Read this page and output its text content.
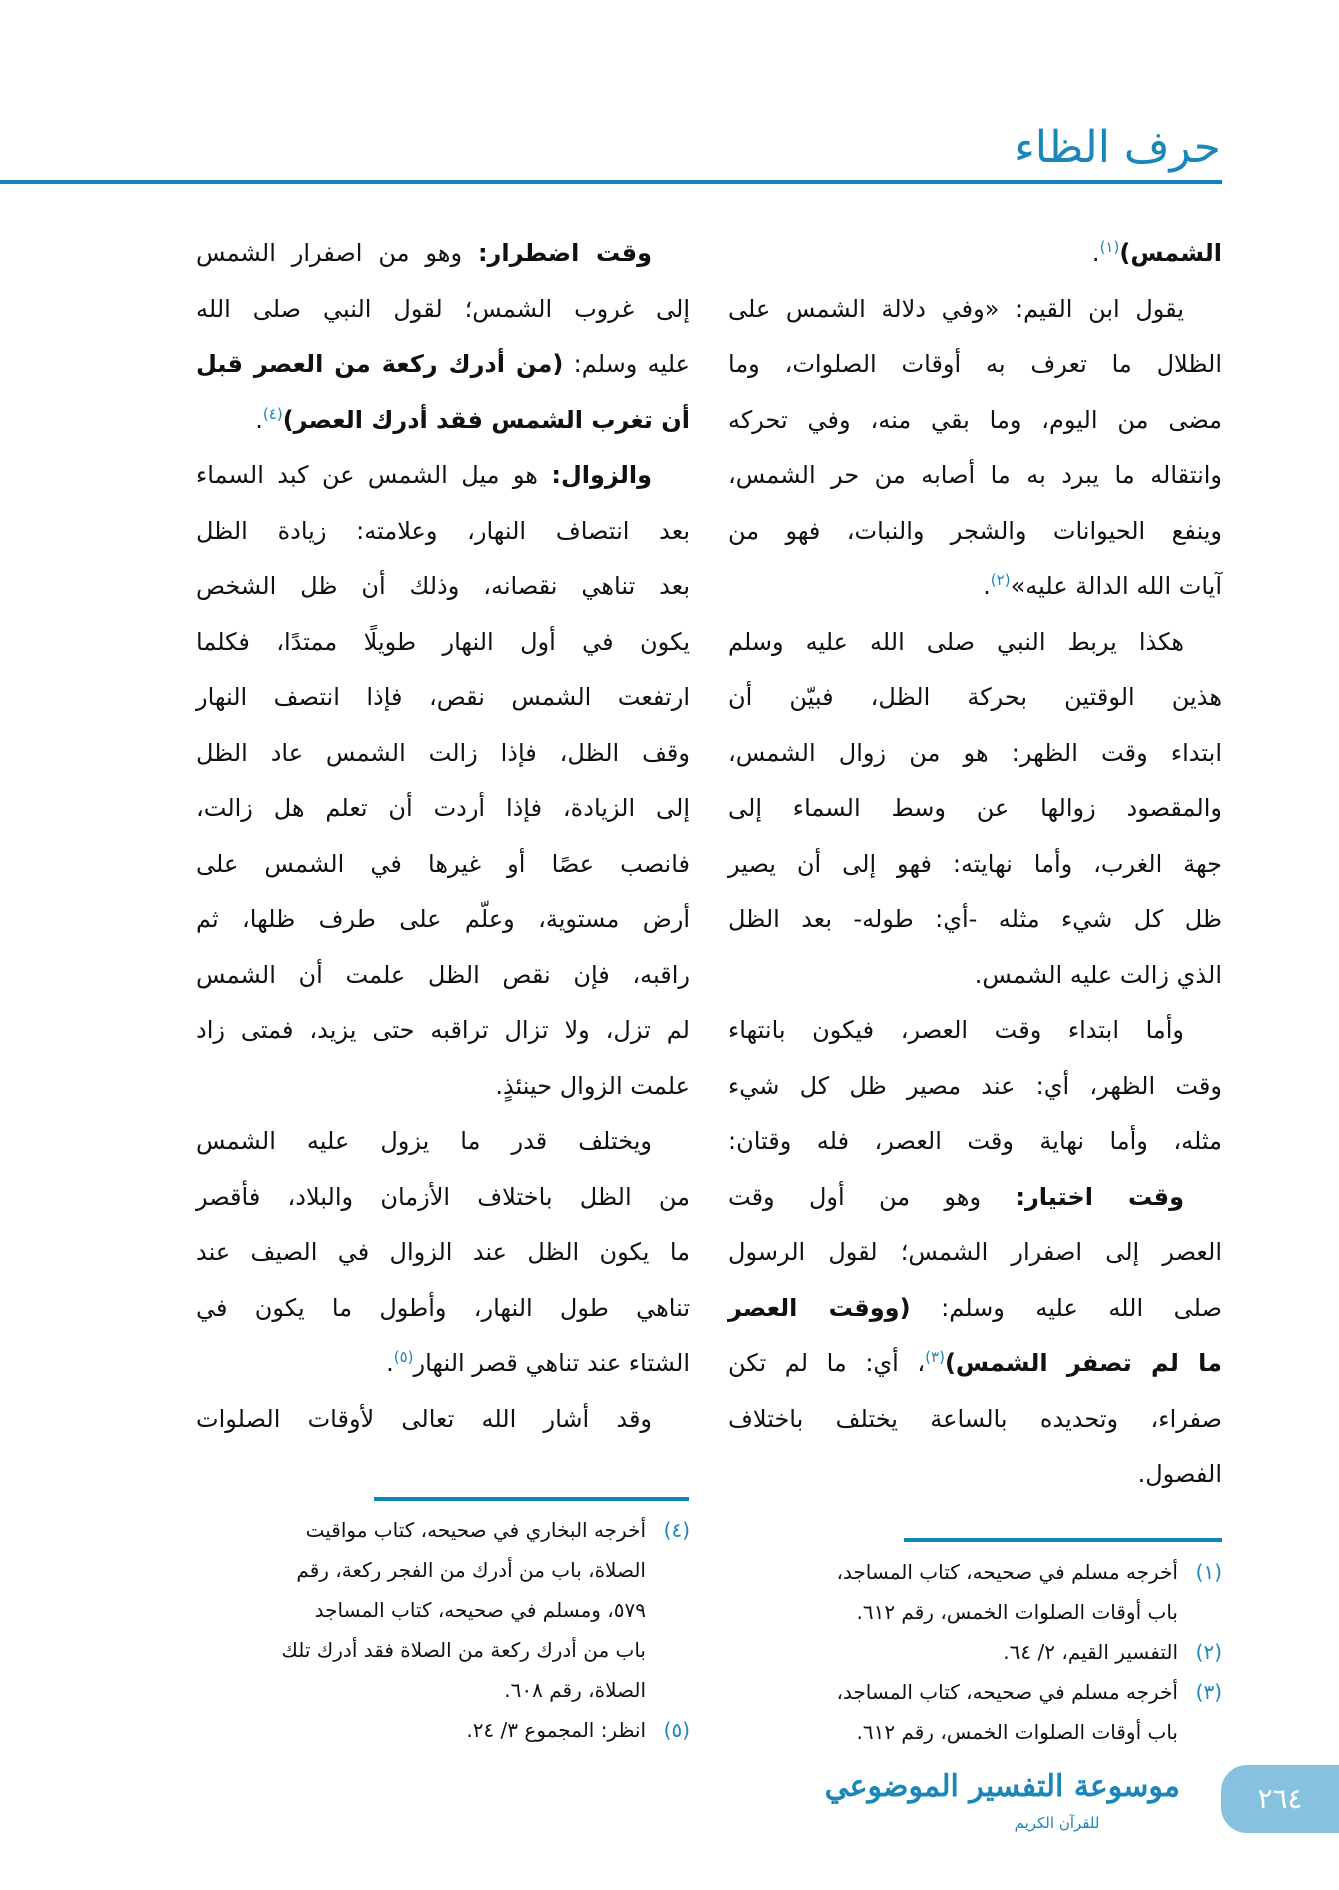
حرف الظاء
الشمس)$^{(١)}$.
يقول ابن القيم: «وفي دلالة الشمس على
الظلال ما تعرف به أوقات الصلوات، وما
مضى من اليوم، وما بقي منه، وفي تحركه
وانتقاله ما يبرد به ما أصابه من حر الشمس،
وينفع الحيوانات والشجر والنبات، فهو من
آيات الله الدالة عليه»$^{(٢)}$.
هكذا يربط النبي صلى الله عليه وسلم
هذين الوقتين بحركة الظل، فبيّن أن
ابتداء وقت الظهر: هو من زوال الشمس،
والمقصود زوالها عن وسط السماء إلى
جهة الغرب، وأما نهايته: فهو إلى أن يصير
ظل كل شيء مثله -أي: طوله- بعد الظل
الذي زالت عليه الشمس.
وأما ابتداء وقت العصر، فيكون بانتهاء
وقت الظهر، أي: عند مصير ظل كل شيء
مثله، وأما نهاية وقت العصر، فله وقتان:
وقت اختيار: وهو من أول وقت
العصر إلى اصفرار الشمس؛ لقول الرسول
صلى الله عليه وسلم: (ووقت العصر
ما لم تصفر الشمس)$^{(٣)}$، أي: ما لم تكن
صفراء، وتحديده بالساعة يختلف باختلاف
الفصول.
وقت اضطرار: وهو من اصفرار الشمس
إلى غروب الشمس؛ لقول النبي صلى الله
عليه وسلم: (من أدرك ركعة من العصر قبل
أن تغرب الشمس فقد أدرك العصر)$^{(٤)}$.
والزوال: هو ميل الشمس عن كبد السماء
بعد انتصاف النهار، وعلامته: زيادة الظل
بعد تناهي نقصانه، وذلك أن ظل الشخص
يكون في أول النهار طويلًا ممتدًا، فكلما
ارتفعت الشمس نقص، فإذا انتصف النهار
وقف الظل، فإذا زالت الشمس عاد الظل
إلى الزيادة، فإذا أردت أن تعلم هل زالت،
فانصب عصًا أو غيرها في الشمس على
أرض مستوية، وعلّم على طرف ظلها، ثم
راقبه، فإن نقص الظل علمت أن الشمس
لم تزل، ولا تزال تراقبه حتى يزيد، فمتى زاد
علمت الزوال حينئذٍ.
ويختلف قدر ما يزول عليه الشمس
من الظل باختلاف الأزمان والبلاد، فأقصر
ما يكون الظل عند الزوال في الصيف عند
تناهي طول النهار، وأطول ما يكون في
الشتاء عند تناهي قصر النهار$^{(٥)}$.
وقد أشار الله تعالى لأوقات الصلوات
(١)
أخرجه مسلم في صحيحه، كتاب المساجد،
باب أوقات الصلوات الخمس، رقم ٦١٢.
(٢)
التفسير القيم، ٢/ ٦٤.
(٣)
أخرجه مسلم في صحيحه، كتاب المساجد،
باب أوقات الصلوات الخمس، رقم ٦١٢.
(٤)
أخرجه البخاري في صحيحه، كتاب مواقيت
الصلاة، باب من أدرك من الفجر ركعة، رقم
٥٧٩، ومسلم في صحيحه، كتاب المساجد
باب من أدرك ركعة من الصلاة فقد أدرك تلك
الصلاة، رقم ٦٠٨.
(٥)
انظر: المجموع ٣/ ٢٤.
موسوعة التفسير الموضوعي
للقرآن الكريم
٢٦٤
